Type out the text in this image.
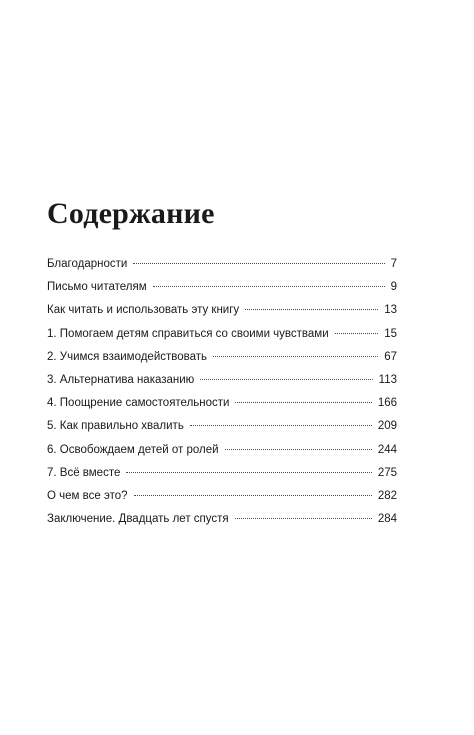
Содержание
Благодарности	7
Письмо читателям	9
Как читать и использовать эту книгу	13
1. Помогаем детям справиться со своими чувствами	15
2. Учимся взаимодействовать	67
3. Альтернатива наказанию	113
4. Поощрение самостоятельности	166
5. Как правильно хвалить	209
6. Освобождаем детей от ролей	244
7. Всё вместе	275
О чем все это?	282
Заключение. Двадцать лет спустя	284
